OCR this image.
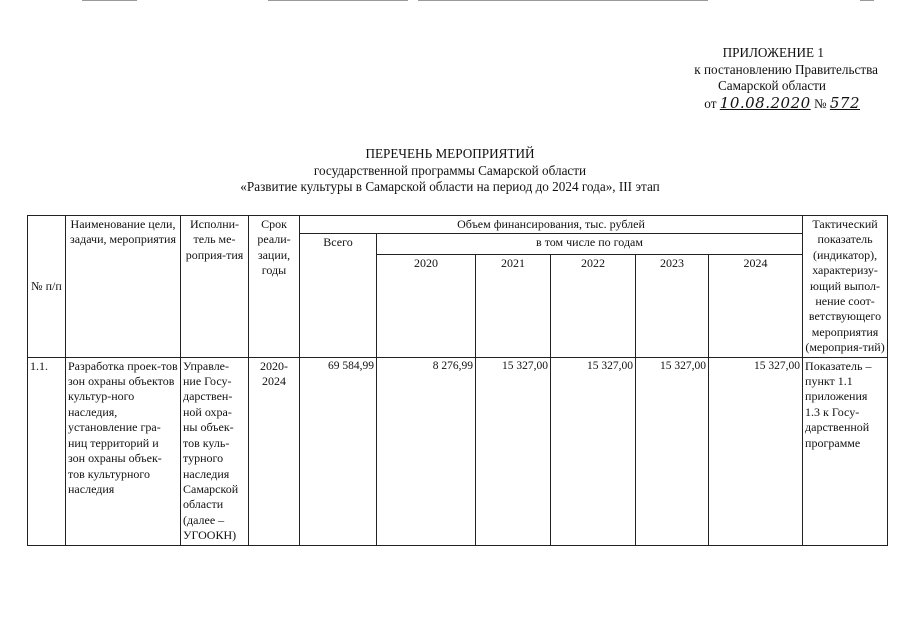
ПРИЛОЖЕНИЕ 1
к постановлению Правительства
Самарской области
от 10.08.2020 № 572
ПЕРЕЧЕНЬ МЕРОПРИЯТИЙ
государственной программы Самарской области
«Развитие культуры в Самарской области на период до 2024 года», III этап
№ п/п	Наименование цели, задачи, мероприятия	Исполни-тель ме-роприя-тия	Срок реали-зации, годы	Объем финансирования, тыс. рублей						Тактический показатель (индикатор), характеризу-ющий выпол-нение соот-ветствующего мероприятия (мероприя-тий)
				Всего	в том числе по годам					
					2020	2021	2022	2023	2024	
1.1.	Разработка проек-тов зон охраны объектов культур-ного наследия, установление гра-ниц территорий и зон охраны объек-тов культурного наследия	Управле-ние Госу-дарствен-ной охра-ны объек-тов куль-турного наследия Самарской области (далее – УГООКН)	2020-2024	69 584,99	8 276,99	15 327,00	15 327,00	15 327,00	15 327,00	Показатель – пункт 1.1 приложения 1.3 к Госу-дарственной программе
